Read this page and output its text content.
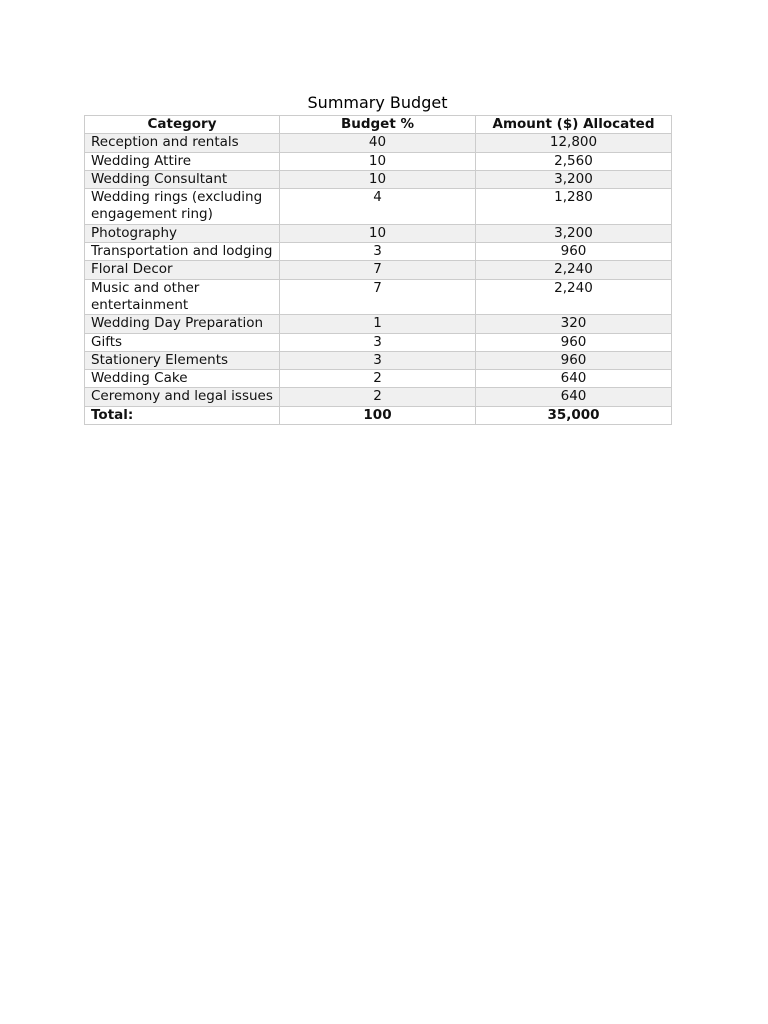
Summary Budget
Category	Budget %	Amount ($) Allocated
Reception and rentals	40	12,800
Wedding Attire	10	2,560
Wedding Consultant	10	3,200
Wedding rings (excluding engagement ring)	4	1,280
Photography	10	3,200
Transportation and lodging	3	960
Floral Decor	7	2,240
Music and other entertainment	7	2,240
Wedding Day Preparation	1	320
Gifts	3	960
Stationery Elements	3	960
Wedding Cake	2	640
Ceremony and legal issues	2	640
Total:	100	35,000
